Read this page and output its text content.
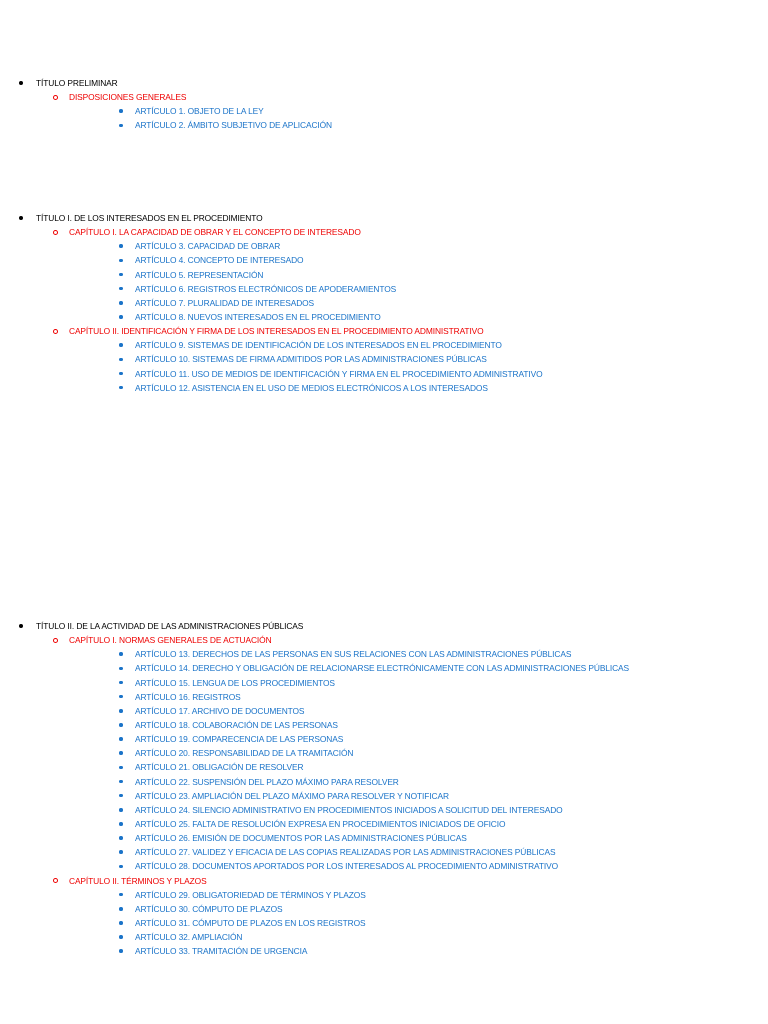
TÍTULO PRELIMINAR
DISPOSICIONES GENERALES
ARTÍCULO 1. OBJETO DE LA LEY
ARTÍCULO 2. ÁMBITO SUBJETIVO DE APLICACIÓN
TÍTULO I. DE LOS INTERESADOS EN EL PROCEDIMIENTO
CAPÍTULO I. LA CAPACIDAD DE OBRAR Y EL CONCEPTO DE INTERESADO
ARTÍCULO 3. CAPACIDAD DE OBRAR
ARTÍCULO 4. CONCEPTO DE INTERESADO
ARTÍCULO 5. REPRESENTACIÓN
ARTÍCULO 6. REGISTROS ELECTRÓNICOS DE APODERAMIENTOS
ARTÍCULO 7. PLURALIDAD DE INTERESADOS
ARTÍCULO 8. NUEVOS INTERESADOS EN EL PROCEDIMIENTO
CAPÍTULO II. IDENTIFICACIÓN Y FIRMA DE LOS INTERESADOS EN EL PROCEDIMIENTO ADMINISTRATIVO
ARTÍCULO 9. SISTEMAS DE IDENTIFICACIÓN DE LOS INTERESADOS EN EL PROCEDIMIENTO
ARTÍCULO 10. SISTEMAS DE FIRMA ADMITIDOS POR LAS ADMINISTRACIONES PÚBLICAS
ARTÍCULO 11. USO DE MEDIOS DE IDENTIFICACIÓN Y FIRMA EN EL PROCEDIMIENTO ADMINISTRATIVO
ARTÍCULO 12. ASISTENCIA EN EL USO DE MEDIOS ELECTRÓNICOS A LOS INTERESADOS
TÍTULO II. DE LA ACTIVIDAD DE LAS ADMINISTRACIONES PÚBLICAS
CAPÍTULO I. NORMAS GENERALES DE ACTUACIÓN
ARTÍCULO 13. DERECHOS DE LAS PERSONAS EN SUS RELACIONES CON LAS ADMINISTRACIONES PÚBLICAS
ARTÍCULO 14. DERECHO Y OBLIGACIÓN DE RELACIONARSE ELECTRÓNICAMENTE CON LAS ADMINISTRACIONES PÚBLICAS
ARTÍCULO 15. LENGUA DE LOS PROCEDIMIENTOS
ARTÍCULO 16. REGISTROS
ARTÍCULO 17. ARCHIVO DE DOCUMENTOS
ARTÍCULO 18. COLABORACIÓN DE LAS PERSONAS
ARTÍCULO 19. COMPARECENCIA DE LAS PERSONAS
ARTÍCULO 20. RESPONSABILIDAD DE LA TRAMITACIÓN
ARTÍCULO 21. OBLIGACIÓN DE RESOLVER
ARTÍCULO 22. SUSPENSIÓN DEL PLAZO MÁXIMO PARA RESOLVER
ARTÍCULO 23. AMPLIACIÓN DEL PLAZO MÁXIMO PARA RESOLVER Y NOTIFICAR
ARTÍCULO 24. SILENCIO ADMINISTRATIVO EN PROCEDIMIENTOS INICIADOS A SOLICITUD DEL INTERESADO
ARTÍCULO 25. FALTA DE RESOLUCIÓN EXPRESA EN PROCEDIMIENTOS INICIADOS DE OFICIO
ARTÍCULO 26. EMISIÓN DE DOCUMENTOS POR LAS ADMINISTRACIONES PÚBLICAS
ARTÍCULO 27. VALIDEZ Y EFICACIA DE LAS COPIAS REALIZADAS POR LAS ADMINISTRACIONES PÚBLICAS
ARTÍCULO 28. DOCUMENTOS APORTADOS POR LOS INTERESADOS AL PROCEDIMIENTO ADMINISTRATIVO
CAPÍTULO II. TÉRMINOS Y PLAZOS
ARTÍCULO 29. OBLIGATORIEDAD DE TÉRMINOS Y PLAZOS
ARTÍCULO 30. CÓMPUTO DE PLAZOS
ARTÍCULO 31. CÓMPUTO DE PLAZOS EN LOS REGISTROS
ARTÍCULO 32. AMPLIACIÓN
ARTÍCULO 33. TRAMITACIÓN DE URGENCIA
